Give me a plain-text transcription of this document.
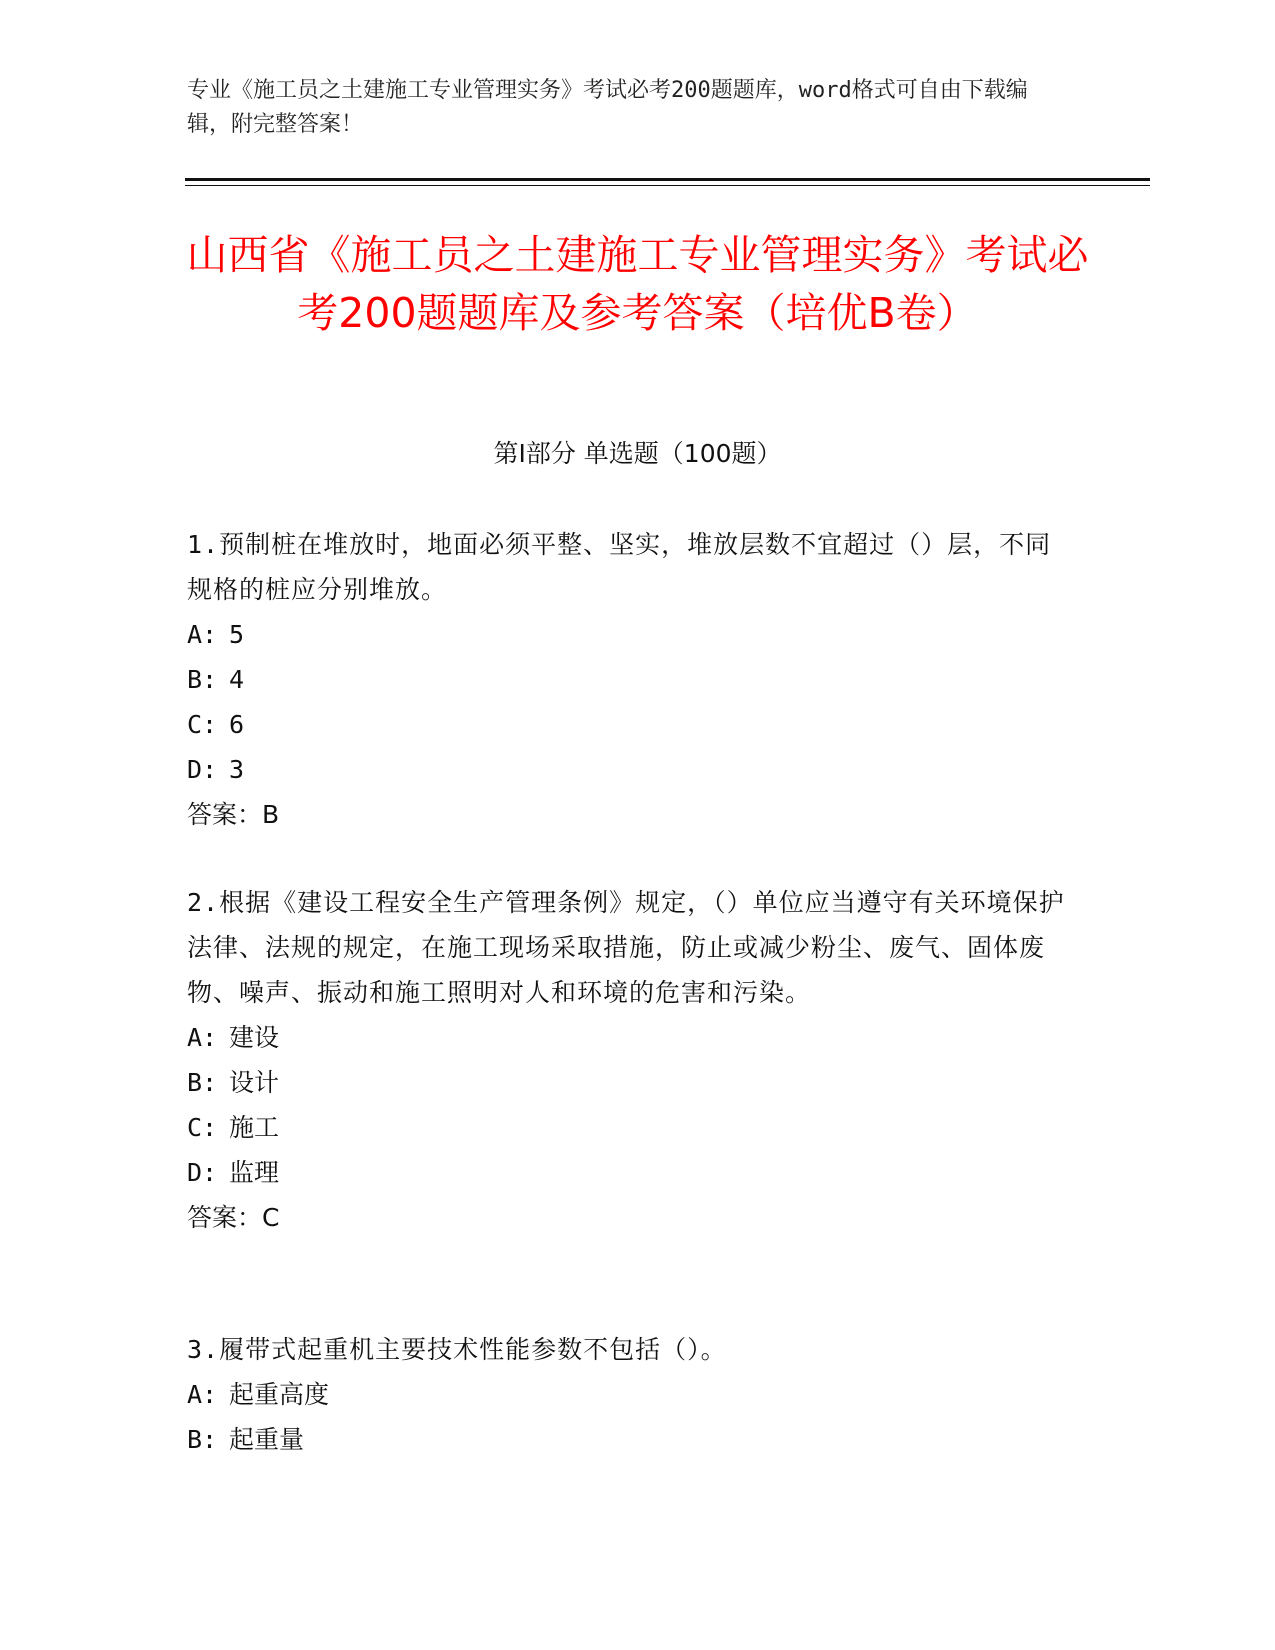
专业《施工员之土建施工专业管理实务》考试必考200题题库，word格式可自由下载编辑，附完整答案！
山西省《施工员之土建施工专业管理实务》考试必考200题题库及参考答案（培优B卷）
第I部分 单选题（100题）
1.预制桩在堆放时，地面必须平整、坚实，堆放层数不宜超过（）层，不同规格的桩应分别堆放。
A: 5
B: 4
C: 6
D: 3
答案：B
2.根据《建设工程安全生产管理条例》规定，（）单位应当遵守有关环境保护法律、法规的规定，在施工现场采取措施，防止或减少粉尘、废气、固体废物、噪声、振动和施工照明对人和环境的危害和污染。
A: 建设
B: 设计
C: 施工
D: 监理
答案：C
3.履带式起重机主要技术性能参数不包括（）。
A: 起重高度
B: 起重量
